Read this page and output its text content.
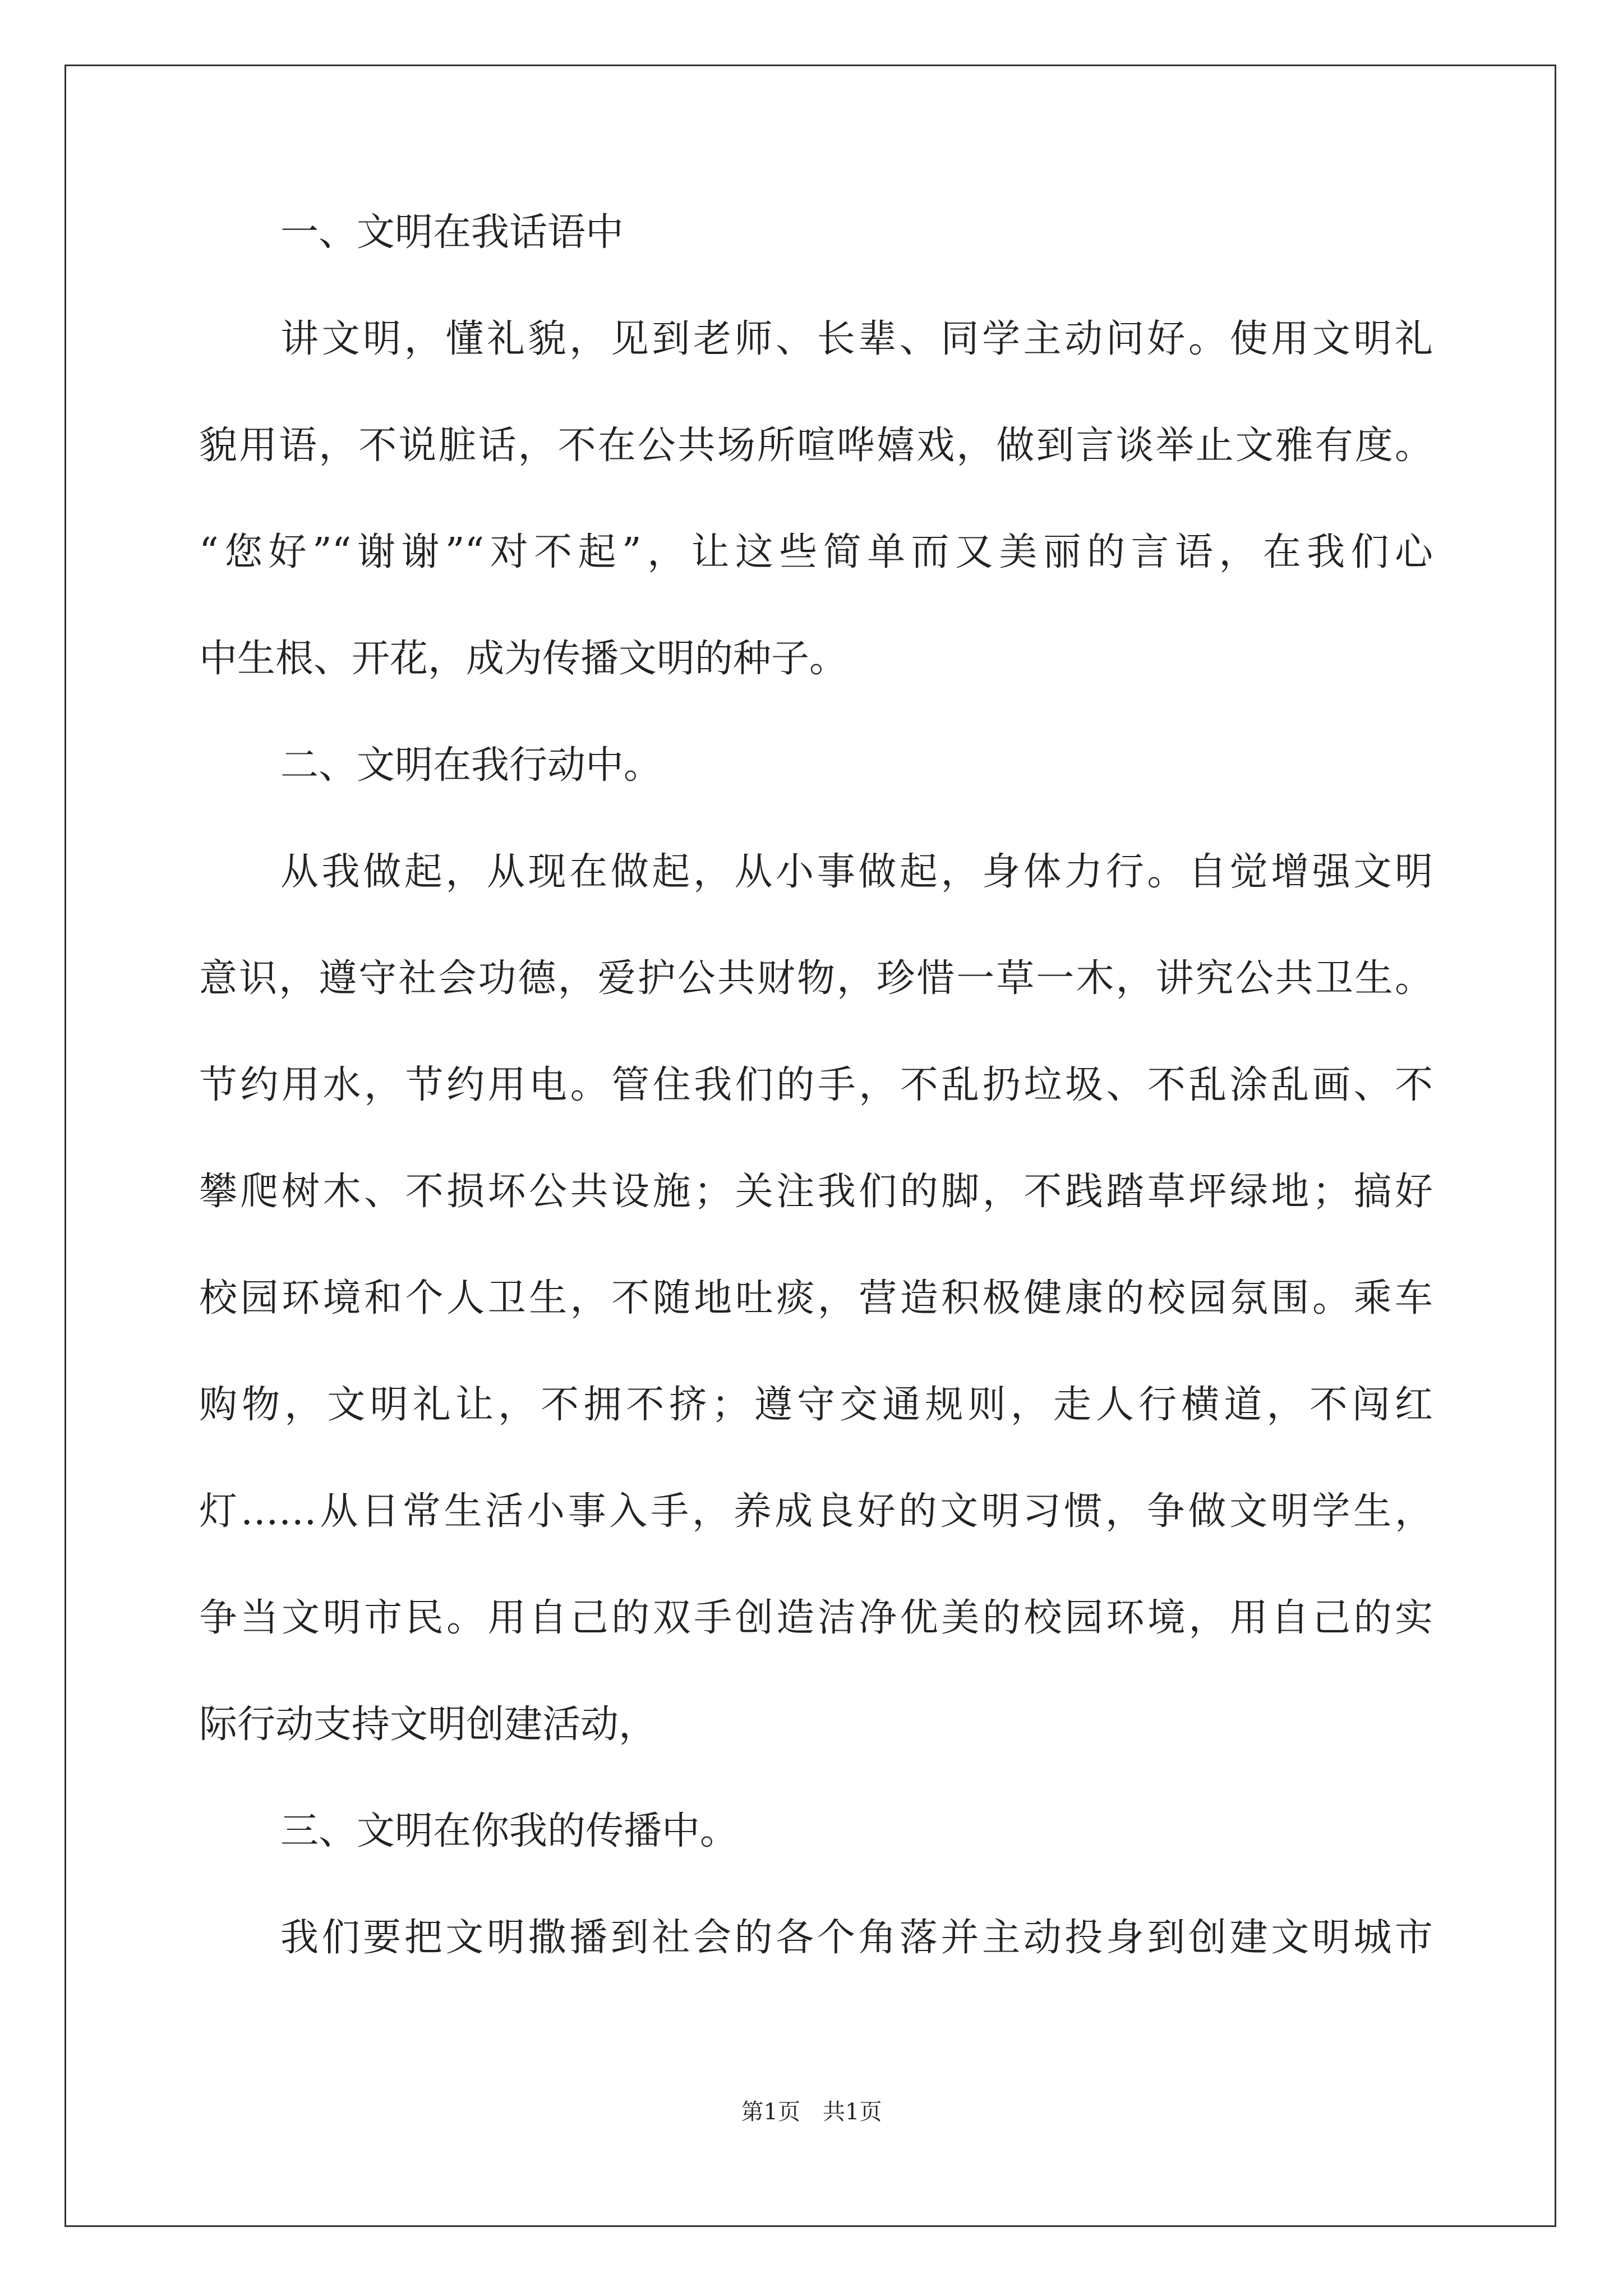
一、文明在我话语中
讲文明，懂礼貌，见到老师、长辈、同学主动问好。使用文明礼
貌用语，不说脏话，不在公共场所喧哗嬉戏，做到言谈举止文雅有度。
“您好”“谢谢”“对不起”，让这些简单而又美丽的言语，在我们心
中生根、开花，成为传播文明的种子。
二、文明在我行动中。
从我做起，从现在做起，从小事做起，身体力行。自觉增强文明
意识，遵守社会功德，爱护公共财物，珍惜一草一木，讲究公共卫生。
节约用水，节约用电。管住我们的手，不乱扔垃圾、不乱涂乱画、不
攀爬树木、不损坏公共设施；关注我们的脚，不践踏草坪绿地；搞好
校园环境和个人卫生，不随地吐痰，营造积极健康的校园氛围。乘车
购物，文明礼让，不拥不挤；遵守交通规则，走人行横道，不闯红
灯……从日常生活小事入手，养成良好的文明习惯，争做文明学生，
争当文明市民。用自己的双手创造洁净优美的校园环境，用自己的实
际行动支持文明创建活动，
三、文明在你我的传播中。
我们要把文明撒播到社会的各个角落并主动投身到创建文明城市
第1页　共1页
